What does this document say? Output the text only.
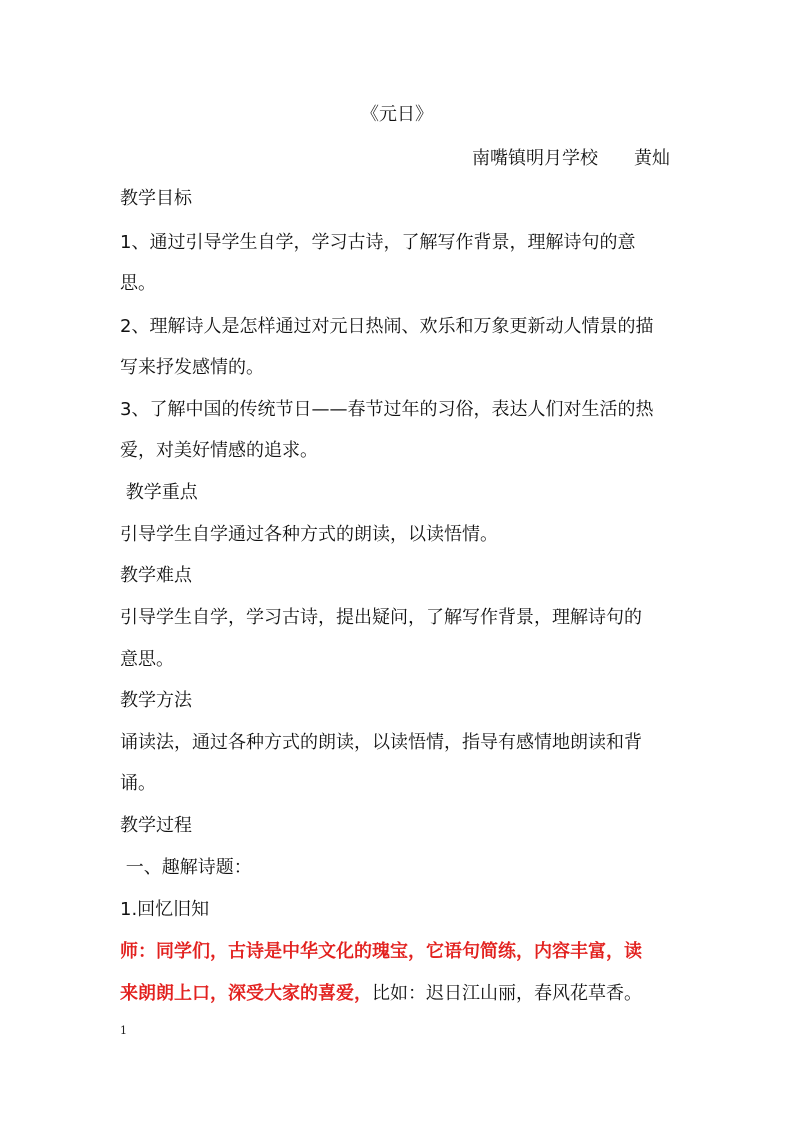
《元日》
南嘴镇明月学校 黄灿
教学目标
1、通过引导学生自学，学习古诗，了解写作背景，理解诗句的意
思。
2、理解诗人是怎样通过对元日热闹、欢乐和万象更新动人情景的描
写来抒发感情的。
3、了解中国的传统节日——春节过年的习俗，表达人们对生活的热
爱，对美好情感的追求。
教学重点
引导学生自学通过各种方式的朗读，以读悟情。
教学难点
引导学生自学，学习古诗，提出疑问，了解写作背景，理解诗句的
意思。
教学方法
诵读法，通过各种方式的朗读，以读悟情，指导有感情地朗读和背
诵。
教学过程
一、趣解诗题：
1.回忆旧知
师：同学们，古诗是中华文化的瑰宝，它语句简练，内容丰富，读
来朗朗上口，深受大家的喜爱，比如：迟日江山丽，春风花草香。
1
